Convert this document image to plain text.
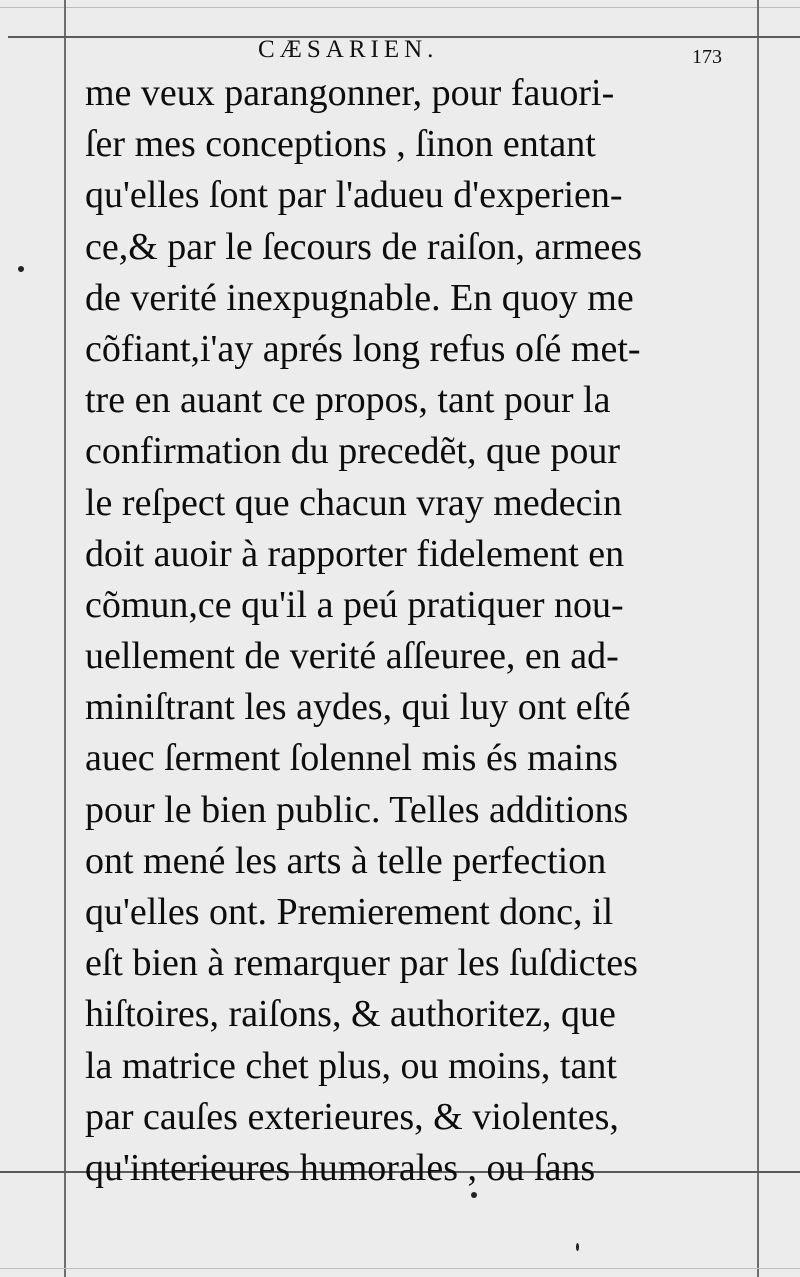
CÆSARIEN.	173
me veux parangonner, pour fauori-
ſer mes conceptions , ſinon entant
qu'elles ſont par l'adueu d'experien-
ce,& par le ſecours de raiſon, armees
de verité inexpugnable. En quoy me
cõfiant,i'ay aprés long refus oſé met-
tre en auant ce propos, tant pour la
confirmation du precedẽt, que pour
le reſpect que chacun vray medecin
doit auoir à rapporter fidelement en
cõmun,ce qu'il a peú pratiquer nou-
uellement de verité aſſeuree, en ad-
miniſtrant les aydes, qui luy ont eſté
auec ſerment ſolennel mis és mains
pour le bien public. Telles additions
ont mené les arts à telle perfection
qu'elles ont. Premierement donc, il
eſt bien à remarquer par les ſuſdictes
hiſtoires, raiſons, & authoritez, que
la matrice chet plus, ou moins, tant
par cauſes exterieures, & violentes,
qu'interieures humorales , ou ſans
